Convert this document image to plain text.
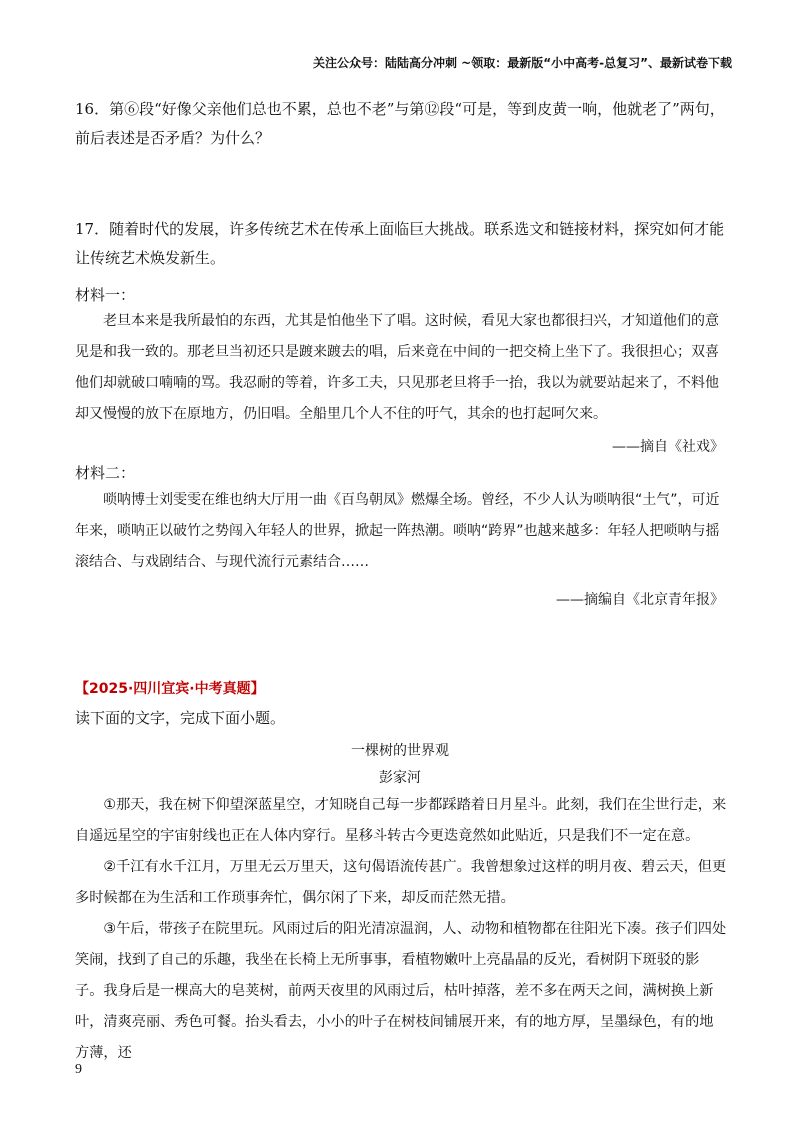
关注公众号：陆陆高分冲刺 ~领取：最新版“小中高考-总复习”、最新试卷下载
16．第⑥段“好像父亲他们总也不累，总也不老”与第⑫段“可是，等到皮黄一响，他就老了”两句，前后表述是否矛盾？为什么？
17．随着时代的发展，许多传统艺术在传承上面临巨大挑战。联系选文和链接材料，探究如何才能让传统艺术焕发新生。
材料一：
老旦本来是我所最怕的东西，尤其是怕他坐下了唱。这时候，看见大家也都很扫兴，才知道他们的意见是和我一致的。那老旦当初还只是踱来踱去的唱，后来竟在中间的一把交椅上坐下了。我很担心；双喜他们却就破口喃喃的骂。我忍耐的等着，许多工夫，只见那老旦将手一抬，我以为就要站起来了，不料他却又慢慢的放下在原地方，仍旧唱。全船里几个人不住的吁气，其余的也打起呵欠来。
——摘自《社戏》
材料二：
唢呐博士刘雯雯在维也纳大厅用一曲《百鸟朝凤》燃爆全场。曾经，不少人认为唢呐很“土气”，可近年来，唢呐正以破竹之势闯入年轻人的世界，掀起一阵热潮。唢呐“跨界”也越来越多：年轻人把唢呐与摇滚结合、与戏剧结合、与现代流行元素结合……
——摘编自《北京青年报》
【2025·四川宜宾·中考真题】
读下面的文字，完成下面小题。
一棵树的世界观
彭家河
①那天，我在树下仰望深蓝星空，才知晓自己每一步都踩踏着日月星斗。此刻，我们在尘世行走，来自遥远星空的宇宙射线也正在人体内穿行。星移斗转古今更迭竟然如此贴近，只是我们不一定在意。
②千江有水千江月，万里无云万里天，这句偈语流传甚广。我曾想象过这样的明月夜、碧云天，但更多时候都在为生活和工作琐事奔忙，偶尔闲了下来，却反而茫然无措。
③午后，带孩子在院里玩。风雨过后的阳光清凉温润，人、动物和植物都在往阳光下凑。孩子们四处笑闹，找到了自己的乐趣，我坐在长椅上无所事事，看植物嫩叶上亮晶晶的反光，看树阴下斑驳的影子。我身后是一棵高大的皂荚树，前两天夜里的风雨过后，枯叶掉落，差不多在两天之间，满树换上新叶，清爽亮丽、秀色可餐。抬头看去，小小的叶子在树枝间铺展开来，有的地方厚，呈墨绿色，有的地方薄，还
9
